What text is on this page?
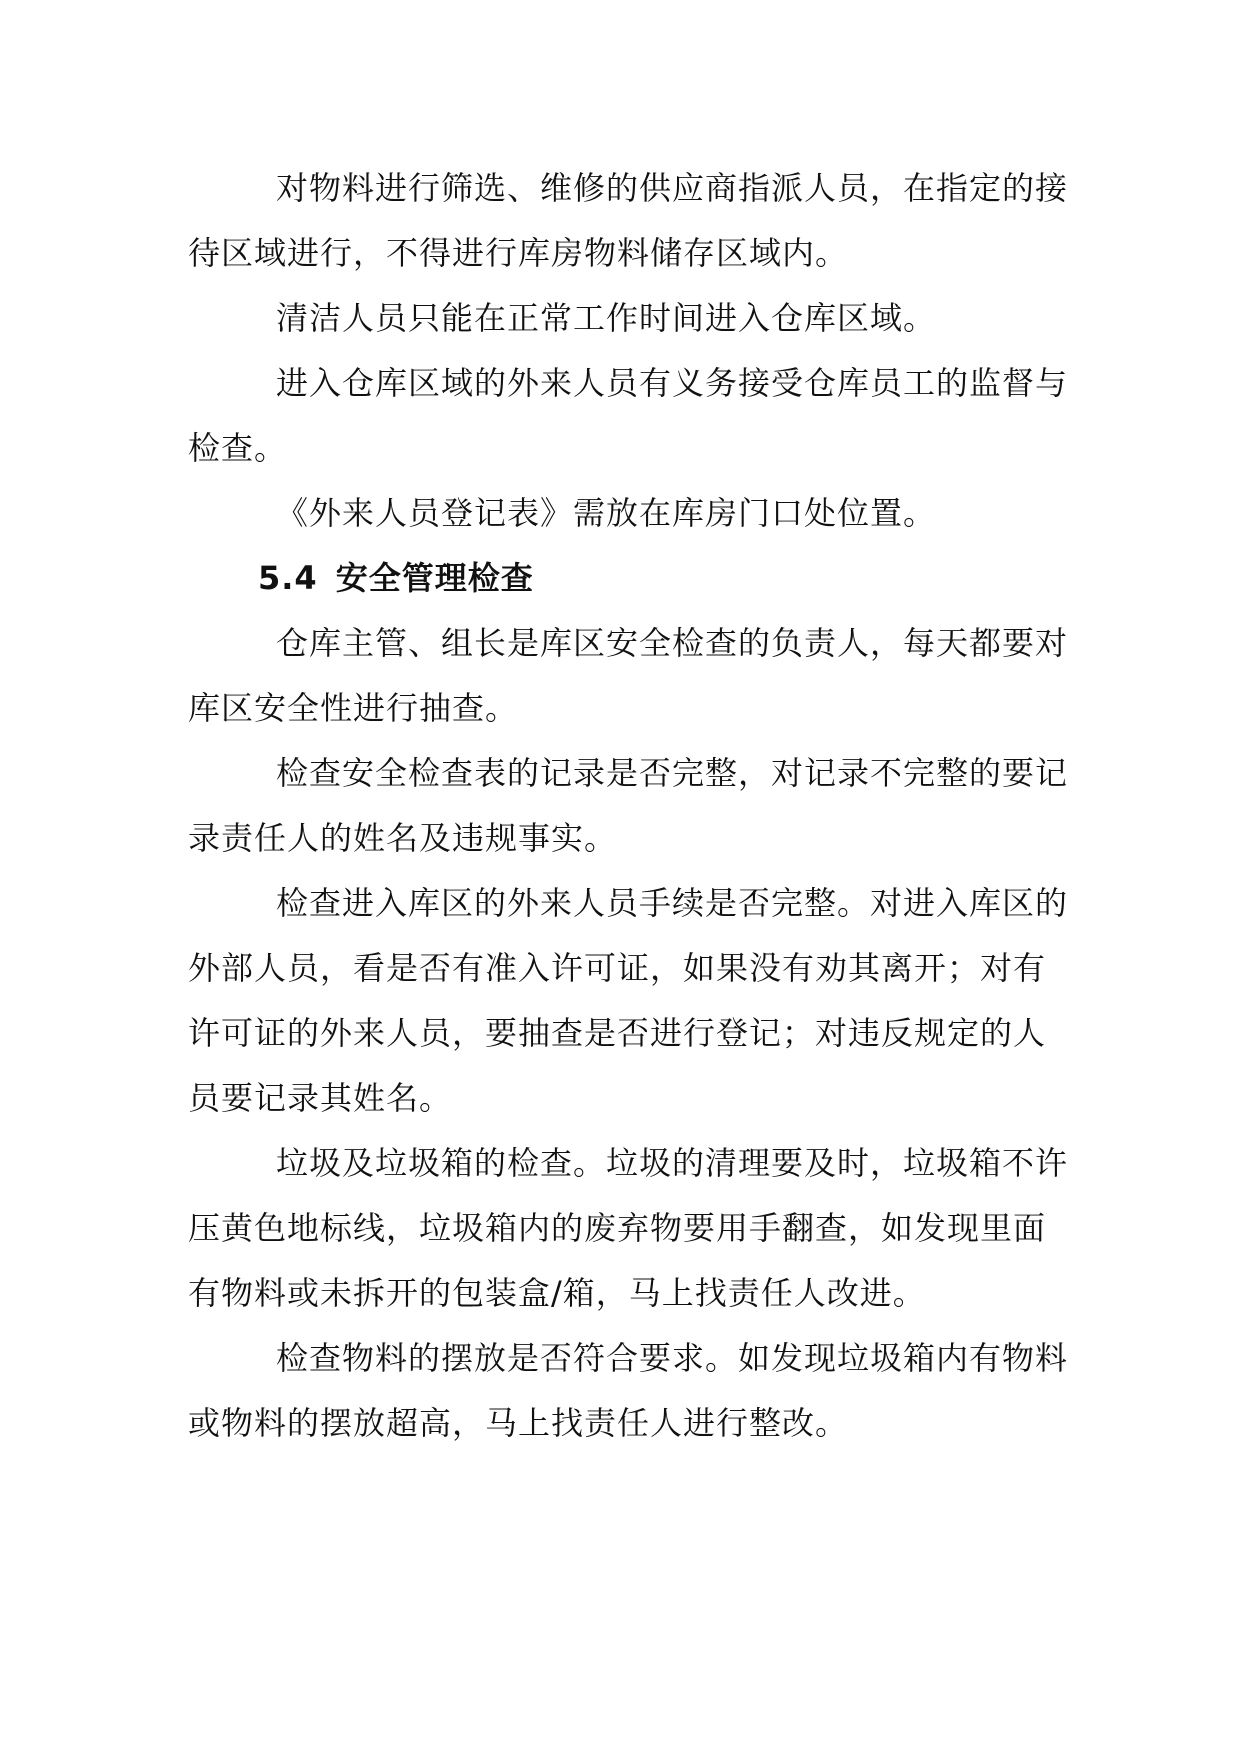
对物料进行筛选、维修的供应商指派人员，在指定的接待区域进行，不得进行库房物料储存区域内。

清洁人员只能在正常工作时间进入仓库区域。

进入仓库区域的外来人员有义务接受仓库员工的监督与检查。

《外来人员登记表》需放在库房门口处位置。

5.4 安全管理检查

仓库主管、组长是库区安全检查的负责人，每天都要对库区安全性进行抽查。

检查安全检查表的记录是否完整，对记录不完整的要记录责任人的姓名及违规事实。

检查进入库区的外来人员手续是否完整。对进入库区的外部人员，看是否有准入许可证，如果没有劝其离开；对有许可证的外来人员，要抽查是否进行登记；对违反规定的人员要记录其姓名。

垃圾及垃圾箱的检查。垃圾的清理要及时，垃圾箱不许压黄色地标线，垃圾箱内的废弃物要用手翻查，如发现里面有物料或未拆开的包装盒/箱，马上找责任人改进。

检查物料的摆放是否符合要求。如发现垃圾箱内有物料或物料的摆放超高，马上找责任人进行整改。
